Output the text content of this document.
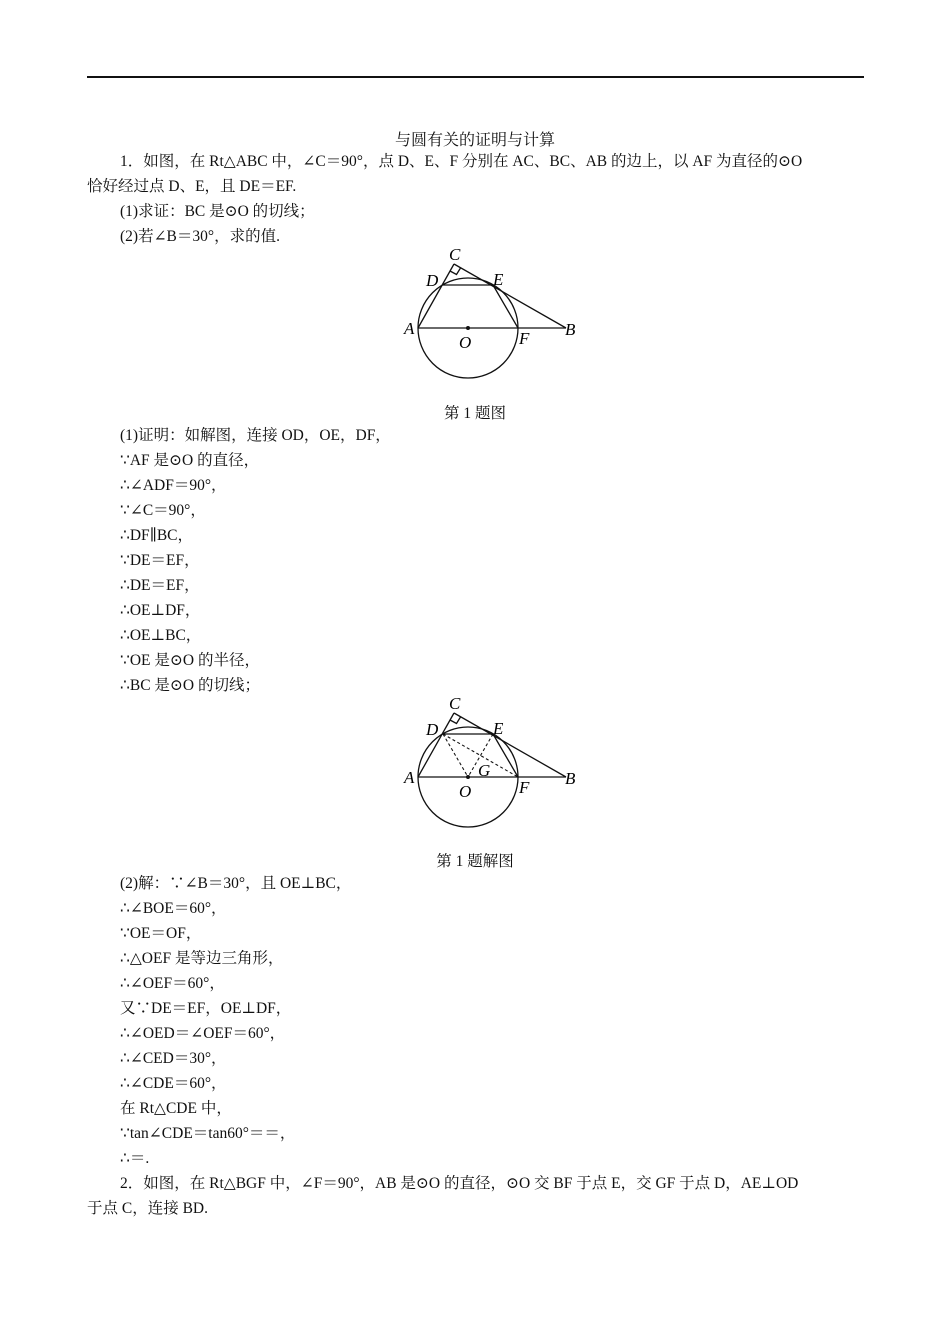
与圆有关的证明与计算
1．如图，在 Rt△ABC 中，∠C＝90°，点 D、E、F 分别在 AC、BC、AB 的边上，以 AF 为直径的⊙O
恰好经过点 D、E，且 DE＝EF.
(1)求证：BC 是⊙O 的切线；
(2)若∠B＝30°，求的值.
C
D	E
A	B
O	F
第 1 题图
(1)证明：如解图，连接 OD，OE，DF，
∵AF 是⊙O 的直径，
∴∠ADF＝90°，
∵∠C＝90°，
∴DF∥BC，
∵DE＝EF，
∴DE＝EF，
∴OE⊥DF，
∴OE⊥BC，
∵OE 是⊙O 的半径，
∴BC 是⊙O 的切线；
C
D	E
G
A	B
O	F
第 1 题解图
(2)解：∵∠B＝30°，且 OE⊥BC，
∴∠BOE＝60°，
∵OE＝OF，
∴△OEF 是等边三角形，
∴∠OEF＝60°，
又∵DE＝EF，OE⊥DF，
∴∠OED＝∠OEF＝60°，
∴∠CED＝30°，
∴∠CDE＝60°，
在 Rt△CDE 中，
∵tan∠CDE＝tan60°＝＝，
∴＝.
2．如图，在 Rt△BGF 中，∠F＝90°，AB 是⊙O 的直径，⊙O 交 BF 于点 E，交 GF 于点 D，AE⊥OD
于点 C，连接 BD.
